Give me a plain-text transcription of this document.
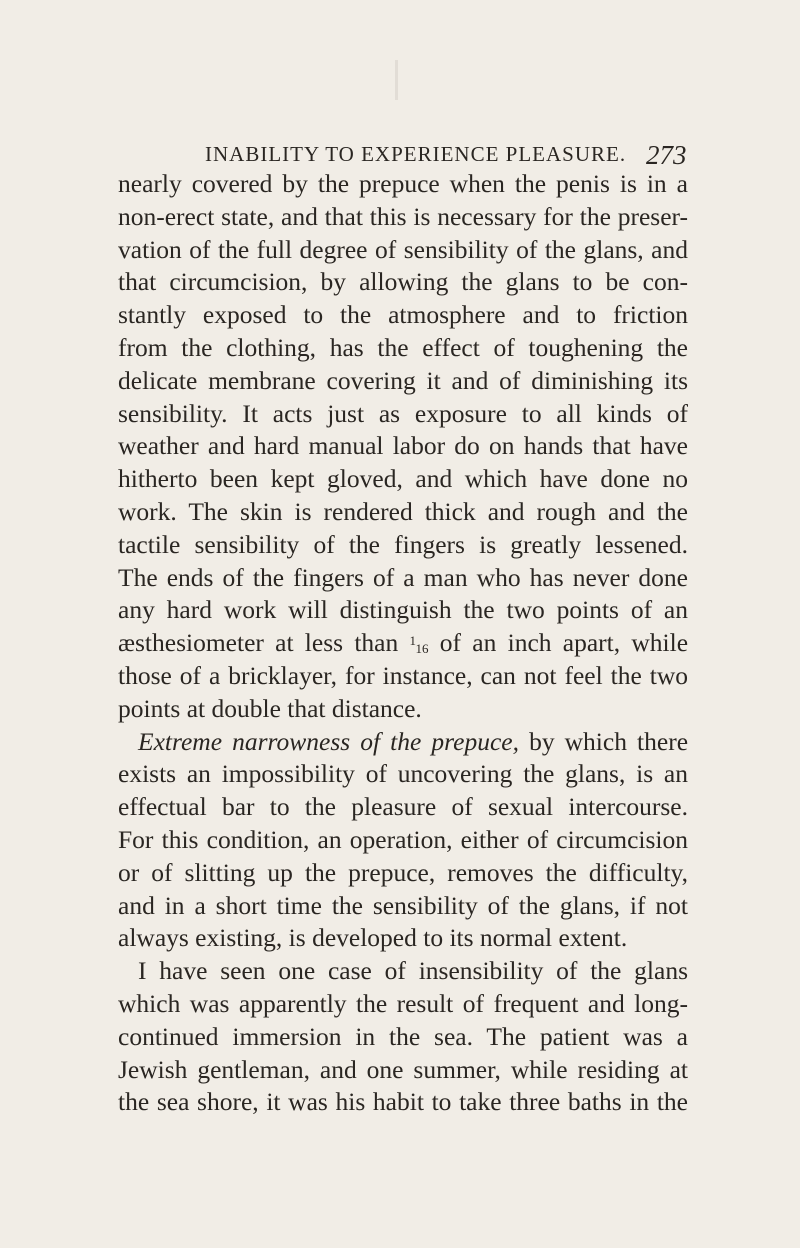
INABILITY TO EXPERIENCE PLEASURE. 273
nearly covered by the prepuce when the penis is in a
non-erect state, and that this is necessary for the preser-
vation of the full degree of sensibility of the glans, and
that circumcision, by allowing the glans to be con-
stantly exposed to the atmosphere and to friction
from the clothing, has the effect of toughening the
delicate membrane covering it and of diminishing its
sensibility. It acts just as exposure to all kinds of
weather and hard manual labor do on hands that have
hitherto been kept gloved, and which have done no
work. The skin is rendered thick and rough and the
tactile sensibility of the fingers is greatly lessened.
The ends of the fingers of a man who has never done
any hard work will distinguish the two points of an
æsthesiometer at less than 116 of an inch apart, while
those of a bricklayer, for instance, can not feel the two
points at double that distance.
Extreme narrowness of the prepuce, by which there
exists an impossibility of uncovering the glans, is an
effectual bar to the pleasure of sexual intercourse.
For this condition, an operation, either of circumcision
or of slitting up the prepuce, removes the difficulty,
and in a short time the sensibility of the glans, if not
always existing, is developed to its normal extent.
I have seen one case of insensibility of the glans
which was apparently the result of frequent and long-
continued immersion in the sea. The patient was a
Jewish gentleman, and one summer, while residing at
the sea shore, it was his habit to take three baths in the
